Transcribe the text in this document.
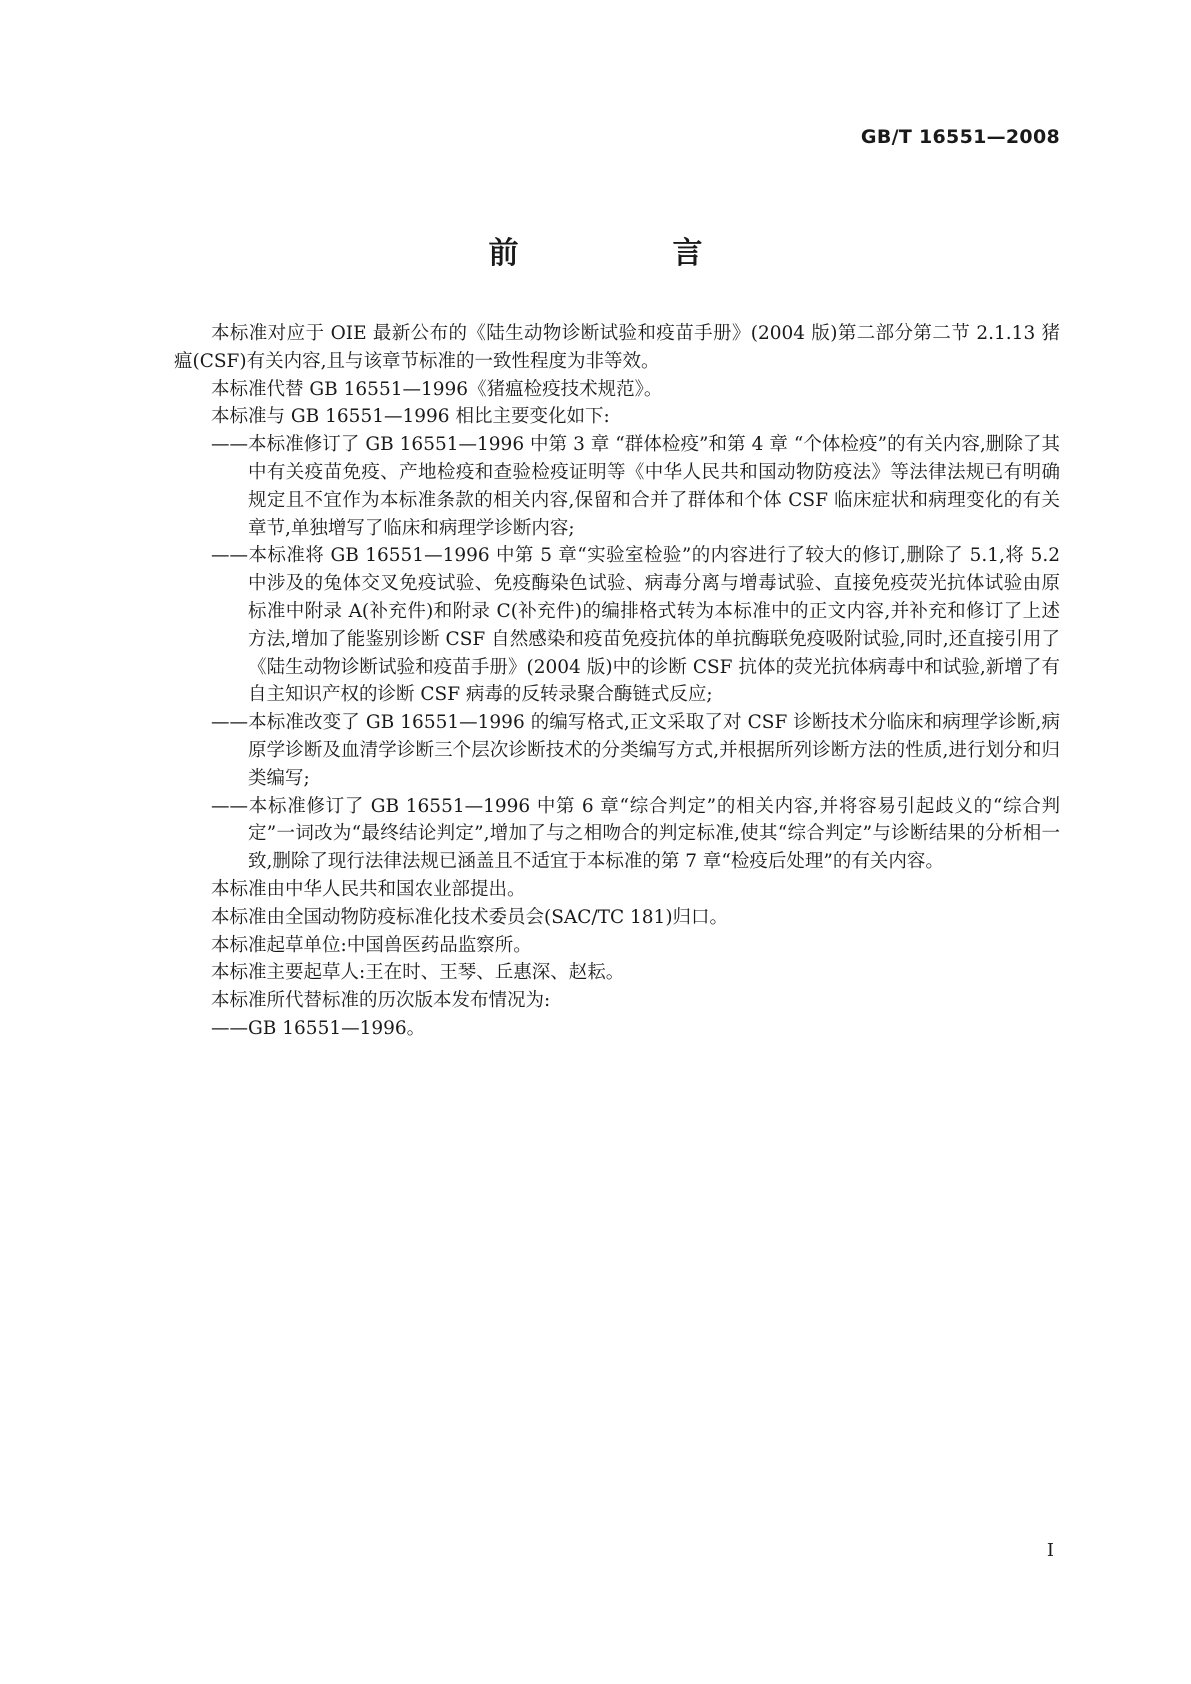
GB/T 16551—2008
前　言

本标准对应于 OIE 最新公布的《陆生动物诊断试验和疫苗手册》(2004 版)第二部分第二节 2.1.13 猪瘟(CSF)有关内容,且与该章节标准的一致性程度为非等效。

本标准代替 GB 16551—1996《猪瘟检疫技术规范》。

本标准与 GB 16551—1996 相比主要变化如下:

——本标准修订了 GB 16551—1996 中第 3 章 “群体检疫”和第 4 章 “个体检疫”的有关内容,删除了其中有关疫苗免疫、产地检疫和查验检疫证明等《中华人民共和国动物防疫法》等法律法规已有明确规定且不宜作为本标准条款的相关内容,保留和合并了群体和个体 CSF 临床症状和病理变化的有关章节,单独增写了临床和病理学诊断内容;

——本标准将 GB 16551—1996 中第 5 章“实验室检验”的内容进行了较大的修订,删除了 5.1,将 5.2 中涉及的兔体交叉免疫试验、免疫酶染色试验、病毒分离与增毒试验、直接免疫荧光抗体试验由原标准中附录 A(补充件)和附录 C(补充件)的编排格式转为本标准中的正文内容,并补充和修订了上述方法,增加了能鉴别诊断 CSF 自然感染和疫苗免疫抗体的单抗酶联免疫吸附试验,同时,还直接引用了《陆生动物诊断试验和疫苗手册》(2004 版)中的诊断 CSF 抗体的荧光抗体病毒中和试验,新增了有自主知识产权的诊断 CSF 病毒的反转录聚合酶链式反应;

——本标准改变了 GB 16551—1996 的编写格式,正文采取了对 CSF 诊断技术分临床和病理学诊断,病原学诊断及血清学诊断三个层次诊断技术的分类编写方式,并根据所列诊断方法的性质,进行划分和归类编写;

——本标准修订了 GB 16551—1996 中第 6 章“综合判定”的相关内容,并将容易引起歧义的“综合判定”一词改为“最终结论判定”,增加了与之相吻合的判定标准,使其“综合判定”与诊断结果的分析相一致,删除了现行法律法规已涵盖且不适宜于本标准的第 7 章“检疫后处理”的有关内容。

本标准由中华人民共和国农业部提出。

本标准由全国动物防疫标准化技术委员会(SAC/TC 181)归口。

本标准起草单位:中国兽医药品监察所。

本标准主要起草人:王在时、王琴、丘惠深、赵耘。

本标准所代替标准的历次版本发布情况为:

——GB 16551—1996。

I
